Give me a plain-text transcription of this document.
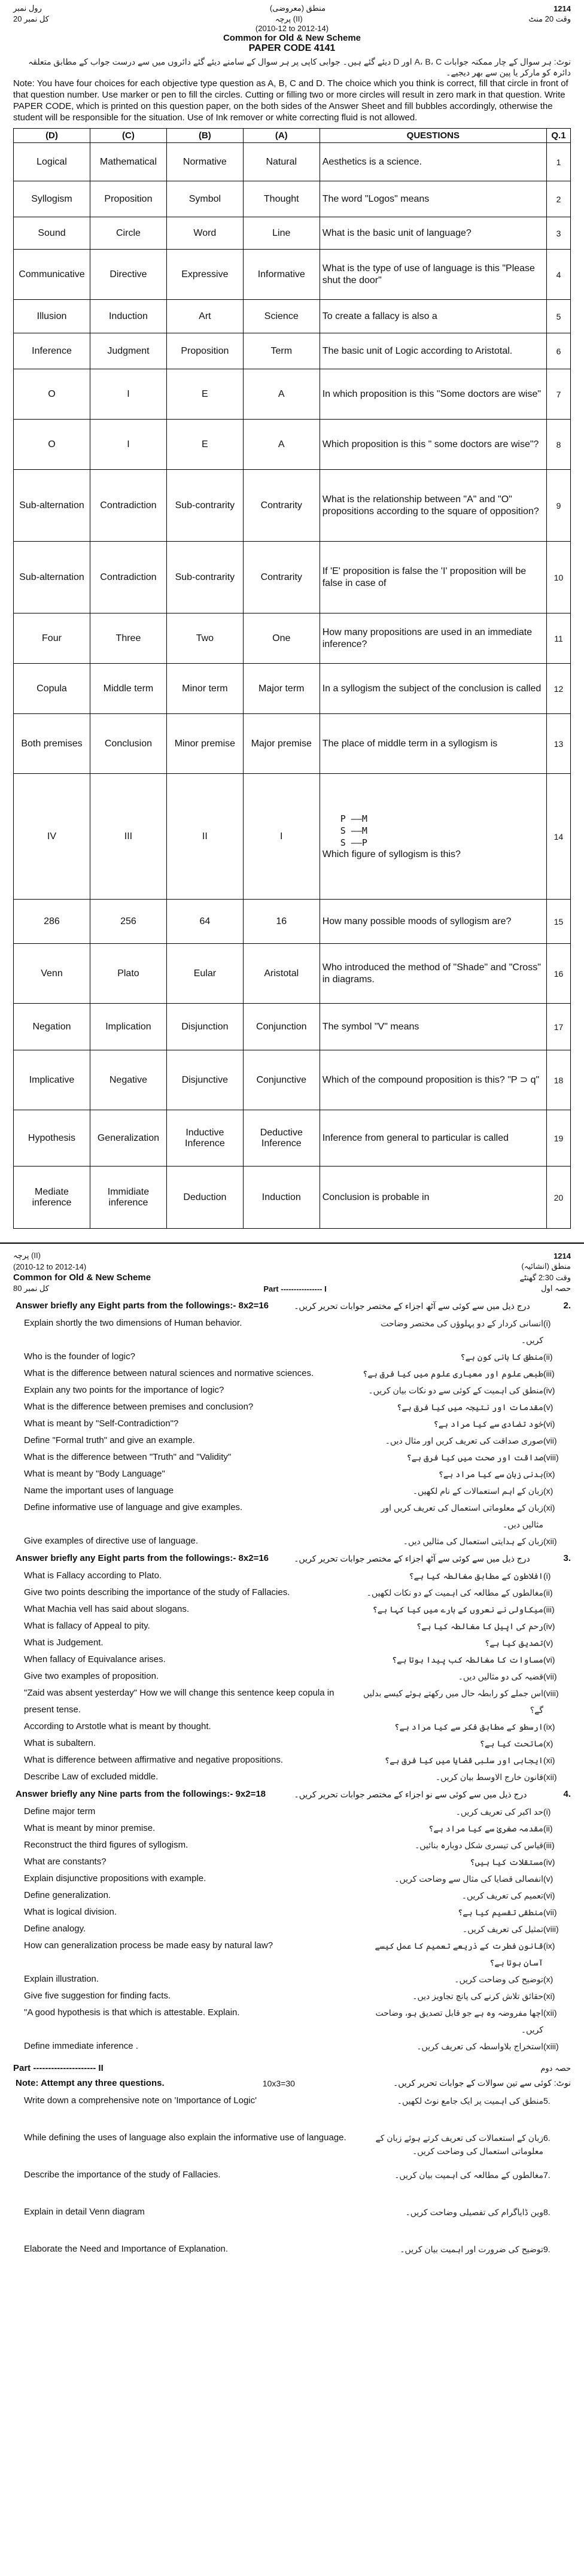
رول نمبر	منطق (معروضی)	1214
کل نمبر 20	پرچہ (II)	وقت 20 منٹ
(2010-12 to 2012-14)
Common for Old & New Scheme
PAPER CODE 4141
نوٹ: ہر سوال کے چار ممکنہ جوابات A، B، C اور D دیئے گئے ہیں۔ جوابی کاپی پر ہر سوال کے سامنے دیئے گئے دائروں میں سے درست جواب کے مطابق متعلقہ دائرہ کو مارکر یا پین سے بھر دیجیے۔
Note: You have four choices for each objective type question as A, B, C and D. The choice which you think is correct, fill that circle in front of that question number. Use marker or pen to fill the circles. Cutting or filling two or more circles will result in zero mark in that question. Write PAPER CODE, which is printed on this question paper, on the both sides of the Answer Sheet and fill bubbles accordingly, otherwise the student will be responsible for the situation. Use of Ink remover or white correcting fluid is not allowed.
(D)	(C)	(B)	(A)	QUESTIONS	Q.1
Logical	Mathematical	Normative	Natural	Aesthetics is a science.	1
Syllogism	Proposition	Symbol	Thought	The word "Logos" means	2
Sound	Circle	Word	Line	What is the basic unit of language?	3
Communicative	Directive	Expressive	Informative	What is the type of use of language is this "Please shut the door"	4
Illusion	Induction	Art	Science	To create a fallacy is also a	5
Inference	Judgment	Proposition	Term	The basic unit of Logic according to Aristotal.	6
O	I	E	A	In which proposition is this "Some doctors are wise"	7
O	I	E	A	Which proposition is this " some doctors are wise"?	8
Sub-alternation	Contradiction	Sub-contrarity	Contrarity	What is the relationship between "A" and "O" propositions according to the square of opposition?	9
Sub-alternation	Contradiction	Sub-contrarity	Contrarity	If 'E' proposition is false the 'I' proposition will be false in case of	10
Four	Three	Two	One	How many propositions are used in an immediate inference?	11
Copula	Middle term	Minor term	Major term	In a syllogism the subject of the conclusion is called	12
Both premises	Conclusion	Minor premise	Major premise	The place of middle term in a syllogism is	13
IV	III	II	I	P ——M
S ——M
S ——P
Which figure of syllogism is this?	14
286	256	64	16	How many possible moods of syllogism are?	15
Venn	Plato	Eular	Aristotal	Who introduced the method of "Shade" and "Cross" in diagrams.	16
Negation	Implication	Disjunction	Conjunction	The symbol "V" means	17
Implicative	Negative	Disjunctive	Conjunctive	Which of the compound proposition is this? "P ⊃ q"	18
Hypothesis	Generalization	Inductive Inference	Deductive Inference	Inference from general to particular is called	19
Mediate inference	Immidiate inference	Deduction	Induction	Conclusion is probable in	20
پرچہ (II)	1214
(2010-12 to 2012-14)	منطق (انشائیہ)
Common for Old & New Scheme	وقت 2:30 گھنٹے
کل نمبر 80	Part ---------------- I	حصہ اول
Answer briefly any Eight parts from the followings:- 8x2=16	درج ذیل میں سے کوئی سے آٹھ اجزاء کے مختصر جوابات تحریر کریں۔	2.
Explain shortly the two dimensions of Human behavior.	انسانی کردار کے دو پہلوؤں کی مختصر وضاحت کریں۔
(i)
Who is the founder of logic?	منطق کا بانی کون ہے؟ (ii)
What is the difference between natural sciences and normative sciences.	طبعی علوم اور معیاری علوم میں کیا فرق ہے؟ (iii)
Explain any two points for the importance of logic?	منطق کی اہمیت کے کوئی سے دو نکات بیان کریں۔ (iv)
What is the difference between premises and conclusion?	مقدمات اور نتیجہ میں کیا فرق ہے؟ (v)
What is meant by "Self-Contradiction"?	خود تضادی سے کیا مراد ہے؟ (vi)
Define "Formal truth" and give an example.	صوری صداقت کی تعریف کریں اور مثال دیں۔ (vii)
What is the difference between "Truth" and "Validity"	صداقت اور صحت میں کیا فرق ہے؟ (viii)
What is meant by "Body Language"	بدنی زبان سے کیا مراد ہے؟ (ix)
Name the important uses of language	زبان کے اہم استعمالات کے نام لکھیں۔ (x)
Define informative use of language and give examples.	زبان کے معلوماتی استعمال کی تعریف کریں اور مثالیں دیں۔
(xi)
Give examples of directive use of language.	زبان کے ہدایتی استعمال کی مثالیں دیں۔ (xii)
Answer briefly any Eight parts from the followings:- 8x2=16	درج ذیل میں سے کوئی سے آٹھ اجزاء کے مختصر جوابات تحریر کریں۔	3.
What is Fallacy according to Plato.	افلاطون کے مطابق مغالطہ کیا ہے؟ (i)
Give two points describing the importance of the study of Fallacies.	مغالطوں کے مطالعہ کی اہمیت کے دو نکات لکھیں۔ (ii)
What Machia vell has said about slogans.	میکاولی نے نعروں کے بارے میں کیا کہا ہے؟ (iii)
What is fallacy of Appeal to pity.	رحم کی اپیل کا مغالطہ کیا ہے؟ (iv)
What is Judgement.	تصدیق کیا ہے؟ (v)
When fallacy of Equivalance arises.	مساوات کا مغالطہ کب پیدا ہوتا ہے؟ (vi)
Give two examples of proposition.	قضیہ کی دو مثالیں دیں۔ (vii)
"Zaid was absent yesterday" How we will change this sentence keep copula in present tense.
اس جملے کو رابطہ حال میں رکھتے ہوئے کیسے بدلیں گے؟
(viii)
According to Arstotle what is meant by thought.	ارسطو کے مطابق فکر سے کیا مراد ہے؟ (ix)
What is subaltern.	ماتحت کیا ہے؟ (x)
What is difference between affirmative and negative propositions.	ایجابی اور سلبی قضایا میں کیا فرق ہے؟ (xi)
Describe Law of excluded middle.	قانون خارج الاوسط بیان کریں۔ (xii)
Answer briefly any Nine parts from the followings:- 9x2=18	درج ذیل میں سے کوئی سے نو اجزاء کے مختصر جوابات تحریر کریں۔	4.
Define major term	حد اکبر کی تعریف کریں۔ (i)
What is meant by minor premise.	مقدمہ صغریٰ سے کیا مراد ہے؟ (ii)
Reconstruct the third figures of syllogism.	قیاس کی تیسری شکل دوبارہ بنائیں۔ (iii)
What are constants?	مستقلات کیا ہیں؟ (iv)
Explain disjunctive propositions with example.	انفصالی قضایا کی مثال سے وضاحت کریں۔ (v)
Define generalization.	تعمیم کی تعریف کریں۔ (vi)
What is logical division.	منطقی تقسیم کیا ہے؟ (vii)
Define analogy.	تمثیل کی تعریف کریں۔ (viii)
How can generalization process be made easy by natural law?	قانون فطرت کے ذریعے تعمیم کا عمل کیسے آسان ہوتا ہے؟
(ix)
Explain illustration.	توضیح کی وضاحت کریں۔ (x)
Give five suggestion for finding facts.	حقائق تلاش کرنے کی پانچ تجاویز دیں۔ (xi)
"A good hypothesis is that which is attestable. Explain.	اچھا مفروضہ وہ ہے جو قابل تصدیق ہو، وضاحت کریں۔
(xii)
Define immediate inference .	استخراج بلاواسطہ کی تعریف کریں۔ (xiii)
Part --------------------- II	حصہ دوم
Note: Attempt any three questions.	10x3=30	نوٹ: کوئی سے تین سوالات کے جوابات تحریر کریں۔
Write down a comprehensive note on 'Importance of Logic'	منطق کی اہمیت پر ایک جامع نوٹ لکھیں۔ 5.
While defining the uses of language also explain the informative use of language.	زبان کے استعمالات کی تعریف کرتے ہوئے زبان کے معلوماتی استعمال کی وضاحت کریں۔
6.
Describe the importance of the study of Fallacies.	مغالطوں کے مطالعہ کی اہمیت بیان کریں۔ 7.
Explain in detail Venn diagram	وین ڈایاگرام کی تفصیلی وضاحت کریں۔ 8.
Elaborate the Need and Importance of Explanation.	توضیح کی ضرورت اور اہمیت بیان کریں۔ 9.
